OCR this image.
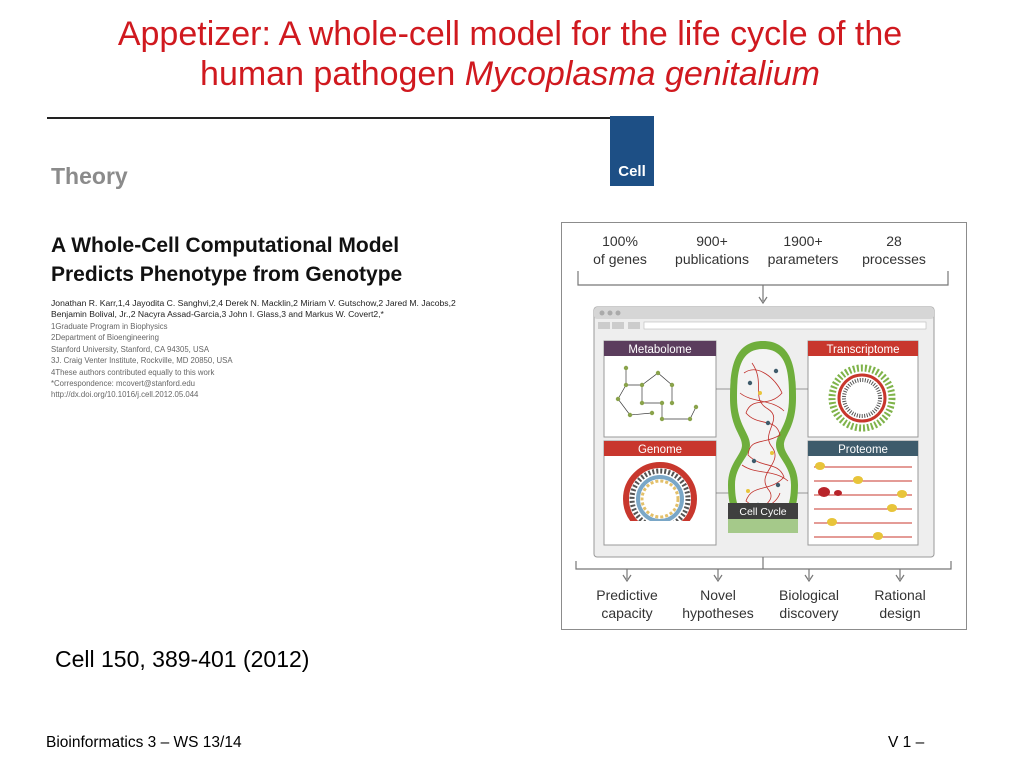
Appetizer: A whole-cell model for the life cycle of the
human pathogen Mycoplasma genitalium
Cell
Theory
A Whole-Cell Computational Model
Predicts Phenotype from Genotype
Jonathan R. Karr,1,4 Jayodita C. Sanghvi,2,4 Derek N. Macklin,2 Miriam V. Gutschow,2 Jared M. Jacobs,2
Benjamin Bolival, Jr.,2 Nacyra Assad-Garcia,3 John I. Glass,3 and Markus W. Covert2,*
1Graduate Program in Biophysics
2Department of Bioengineering
Stanford University, Stanford, CA 94305, USA
3J. Craig Venter Institute, Rockville, MD 20850, USA
4These authors contributed equally to this work
*Correspondence: mcovert@stanford.edu
http://dx.doi.org/10.1016/j.cell.2012.05.044
100%
of genes
900+
publications
1900+
parameters
28
processes
Metabolome	Transcriptome
Genome	Proteome
Cell Cycle
Predictive
capacity
Novel
hypotheses
Biological
discovery
Rational
design
Cell 150, 389-401 (2012)
Bioinformatics 3 – WS 13/14	V 1 –
